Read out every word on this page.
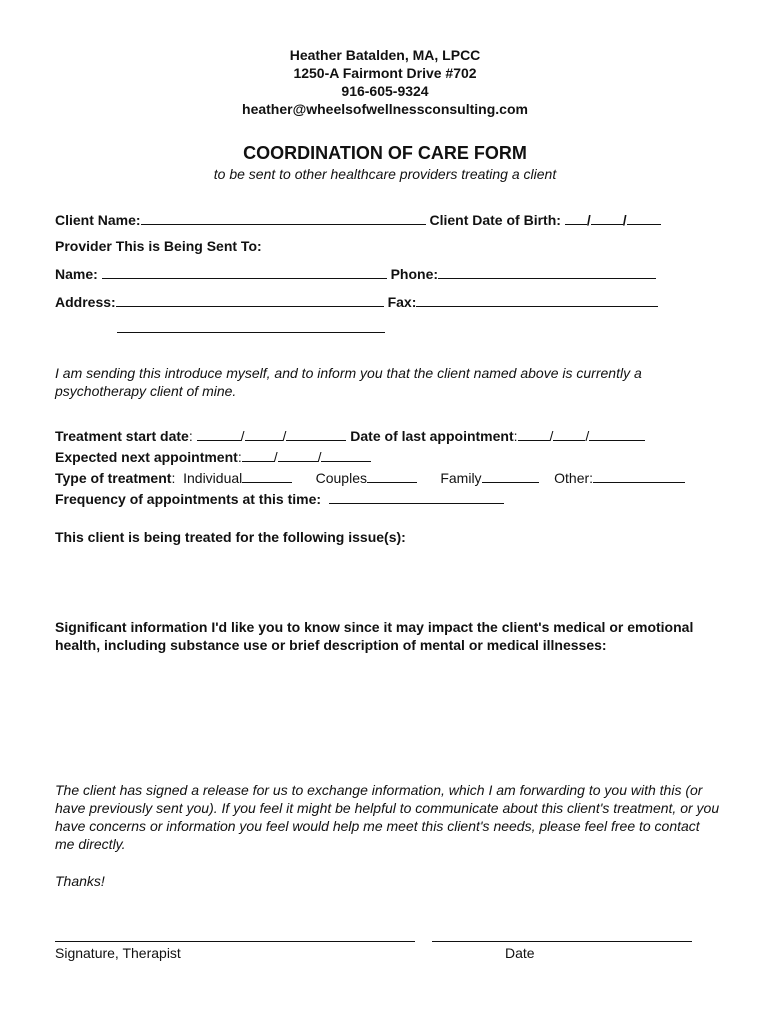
Heather Batalden, MA, LPCC
1250-A Fairmont Drive #702
916-605-9324
heather@wheelsofwellnessconsulting.com
COORDINATION OF CARE FORM
to be sent to other healthcare providers treating a client
Client Name:	Client Date of Birth: / /
Provider This is Being Sent To:
Name:	Phone:
Address:	Fax:
I am sending this introduce myself, and to inform you that the client named above is currently a psychotherapy client of mine.
Treatment start date:	/	/	Date of last appointment: / /
Expected next appointment: /	/
Type of treatment:  Individual	Couples	Family	Other:
Frequency of appointments at this time:
This client is being treated for the following issue(s):
Significant information I'd like you to know since it may impact the client's medical or emotional health, including substance use or brief description of mental or medical illnesses:
The client has signed a release for us to exchange information, which I am forwarding to you with this (or have previously sent you). If you feel it might be helpful to communicate about this client's treatment, or you have concerns or information you feel would help me meet this client's needs, please feel free to contact me directly.
Thanks!
Signature, Therapist	Date
